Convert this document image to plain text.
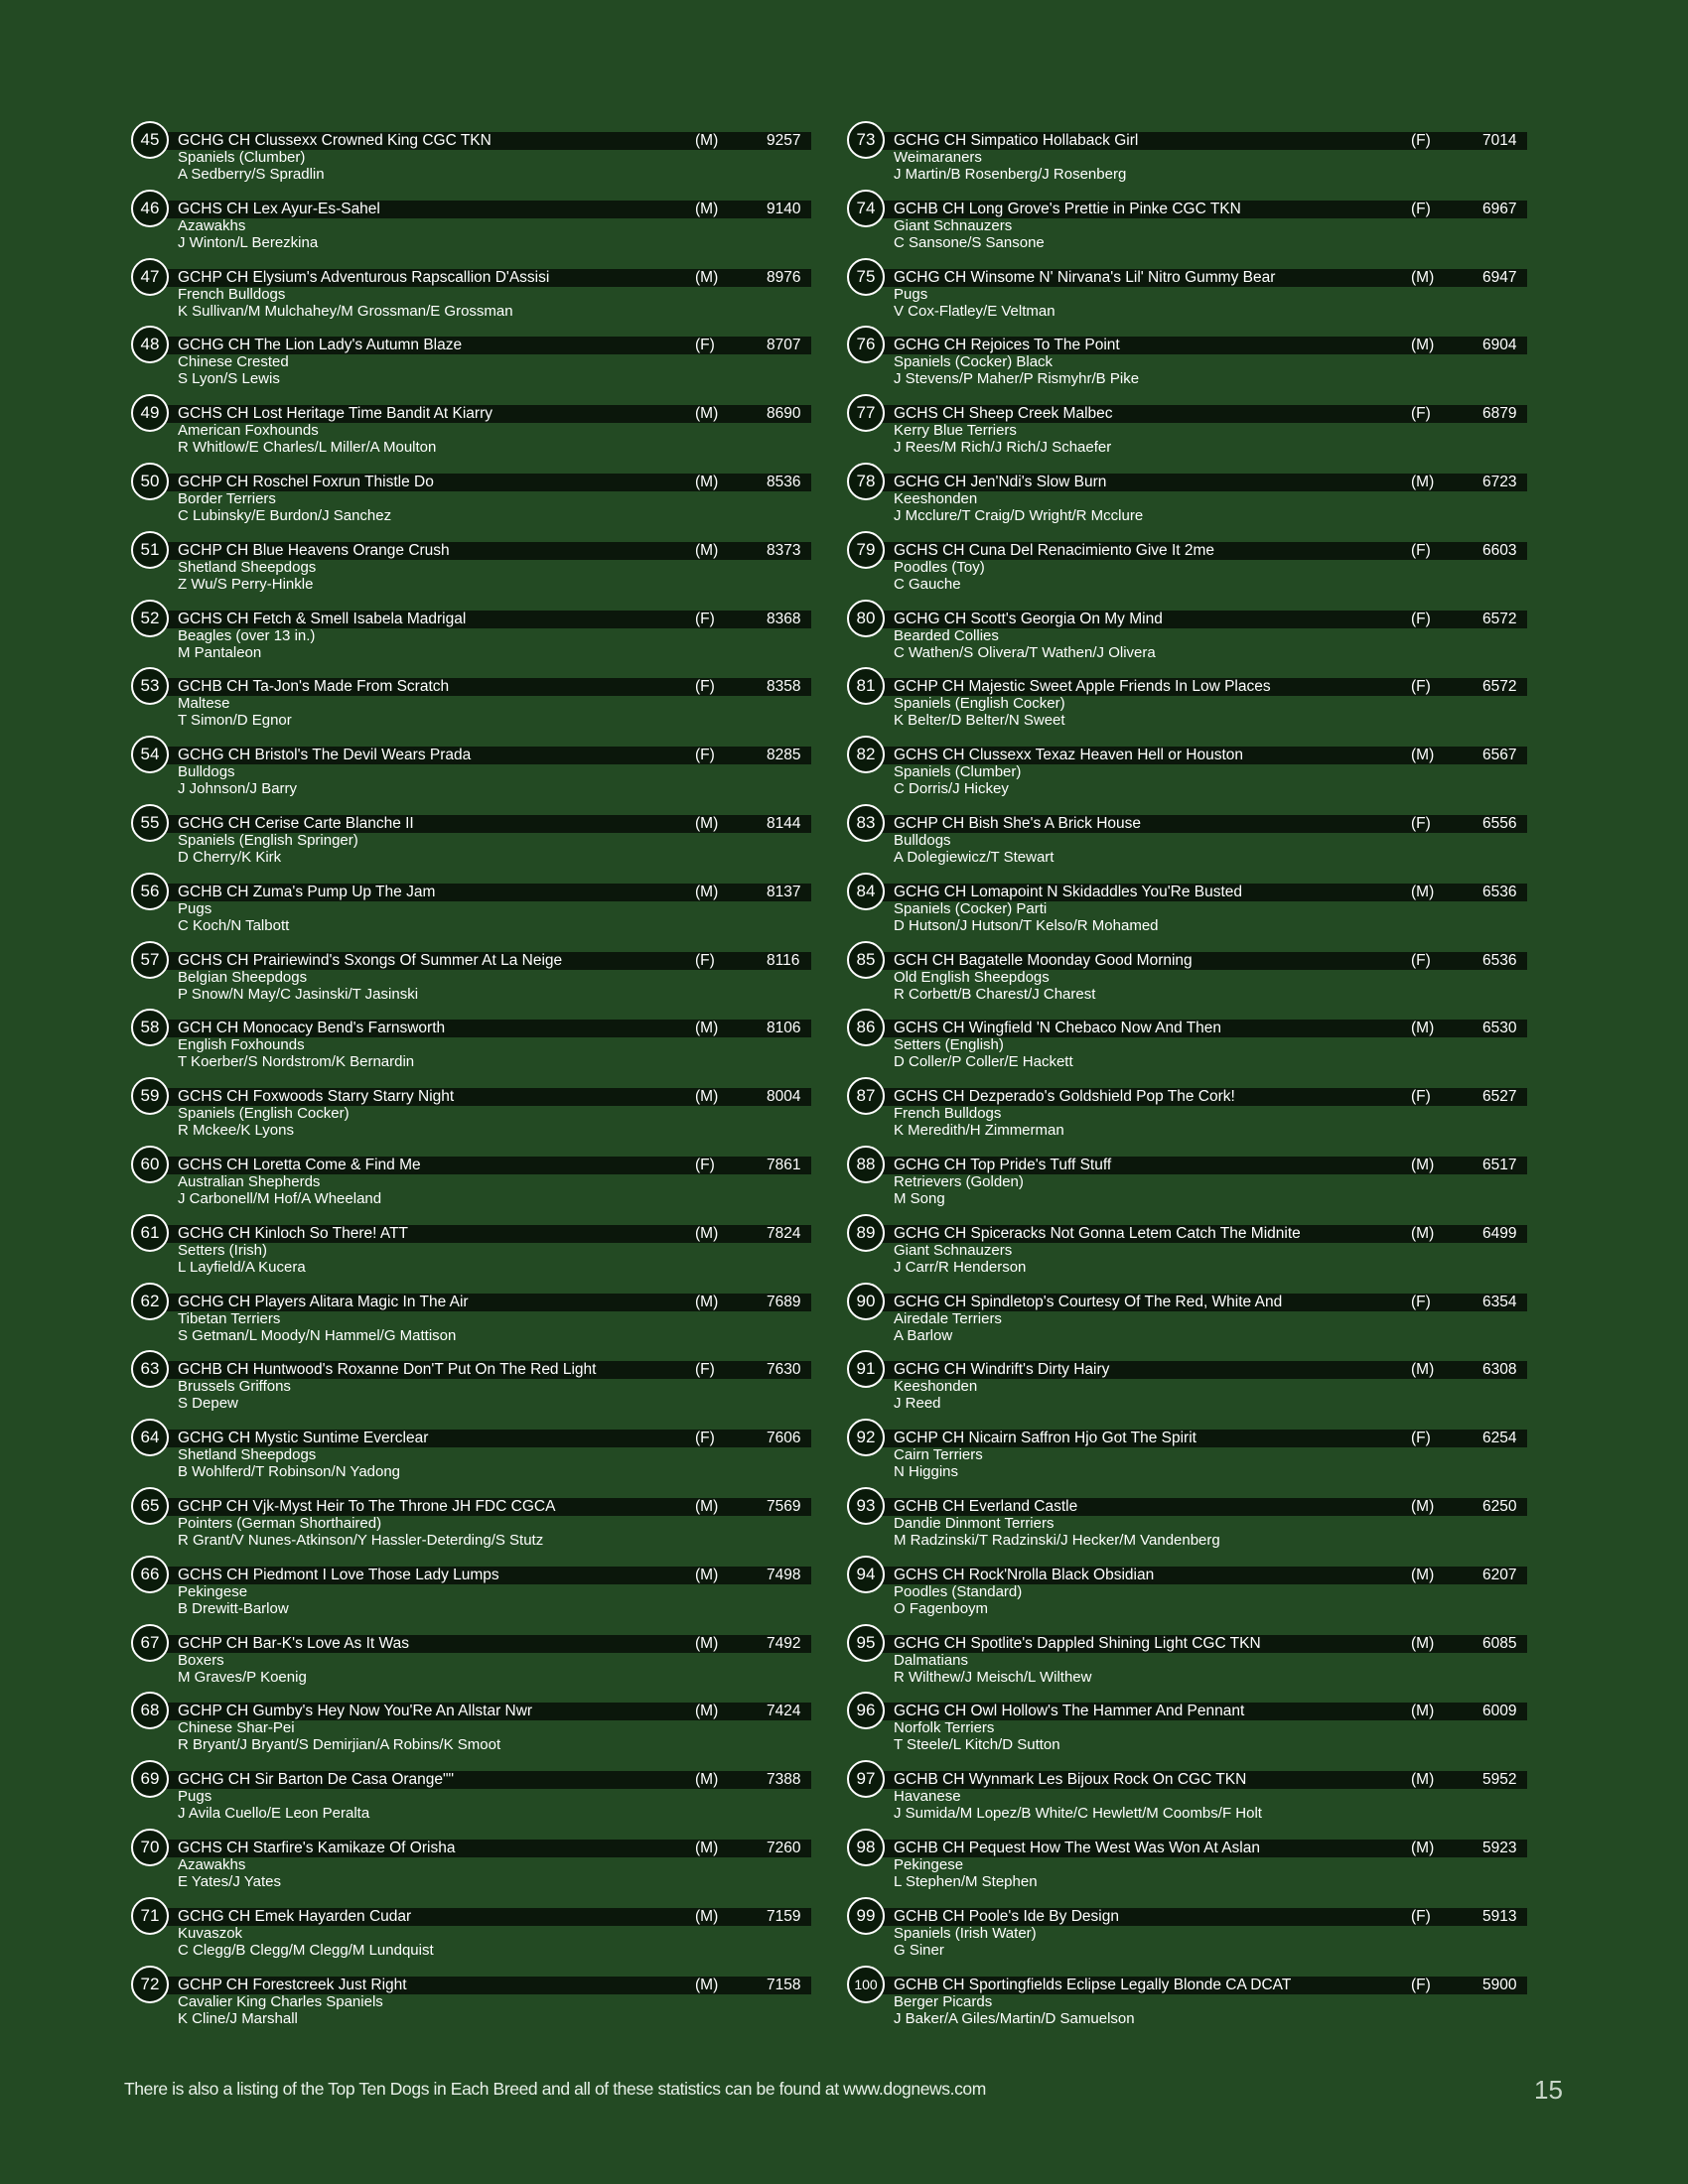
45	GCHG CH Clussexx Crowned King CGC TKN	(M)	9257
Spaniels (Clumber)
A Sedberry/S Spradlin
46	GCHS CH Lex Ayur-Es-Sahel	(M)	9140
Azawakhs
J Winton/L Berezkina
47	GCHP CH Elysium's Adventurous Rapscallion D'Assisi	(M)	8976
French Bulldogs
K Sullivan/M Mulchahey/M Grossman/E Grossman
48	GCHG CH The Lion Lady's Autumn Blaze	(F)	8707
Chinese Crested
S Lyon/S Lewis
49	GCHS CH Lost Heritage Time Bandit At Kiarry	(M)	8690
American Foxhounds
R Whitlow/E Charles/L Miller/A Moulton
50	GCHP CH Roschel Foxrun Thistle Do	(M)	8536
Border Terriers
C Lubinsky/E Burdon/J Sanchez
51	GCHP CH Blue Heavens Orange Crush	(M)	8373
Shetland Sheepdogs
Z Wu/S Perry-Hinkle
52	GCHS CH Fetch & Smell Isabela Madrigal	(F)	8368
Beagles (over 13 in.)
M Pantaleon
53	GCHB CH Ta-Jon's Made From Scratch	(F)	8358
Maltese
T Simon/D Egnor
54	GCHG CH Bristol's The Devil Wears Prada	(F)	8285
Bulldogs
J Johnson/J Barry
55	GCHG CH Cerise Carte Blanche II	(M)	8144
Spaniels (English Springer)
D Cherry/K Kirk
56	GCHB CH Zuma's Pump Up The Jam	(M)	8137
Pugs
C Koch/N Talbott
57	GCHS CH Prairiewind's Sxongs Of Summer At La Neige	(F)	8116
Belgian Sheepdogs
P Snow/N May/C Jasinski/T Jasinski
58	GCH CH Monocacy Bend's Farnsworth	(M)	8106
English Foxhounds
T Koerber/S Nordstrom/K Bernardin
59	GCHS CH Foxwoods Starry Starry Night	(M)	8004
Spaniels (English Cocker)
R Mckee/K Lyons
60	GCHS CH Loretta Come & Find Me	(F)	7861
Australian Shepherds
J Carbonell/M Hof/A Wheeland
61	GCHG CH Kinloch So There! ATT	(M)	7824
Setters (Irish)
L Layfield/A Kucera
62	GCHG CH Players Alitara Magic In The Air	(M)	7689
Tibetan Terriers
S Getman/L Moody/N Hammel/G Mattison
63	GCHB CH Huntwood's Roxanne Don'T Put On The Red Light	(F)	7630
Brussels Griffons
S Depew
64	GCHG CH Mystic Suntime Everclear	(F)	7606
Shetland Sheepdogs
B Wohlferd/T Robinson/N Yadong
65	GCHP CH Vjk-Myst Heir To The Throne JH FDC CGCA	(M)	7569
Pointers (German Shorthaired)
R Grant/V Nunes-Atkinson/Y Hassler-Deterding/S Stutz
66	GCHS CH Piedmont I Love Those Lady Lumps	(M)	7498
Pekingese
B Drewitt-Barlow
67	GCHP CH Bar-K's Love As It Was	(M)	7492
Boxers
M Graves/P Koenig
68	GCHP CH Gumby's Hey Now You'Re An Allstar Nwr	(M)	7424
Chinese Shar-Pei
R Bryant/J Bryant/S Demirjian/A Robins/K Smoot
69	GCHG CH Sir Barton De Casa Orange""	(M)	7388
Pugs
J Avila Cuello/E Leon Peralta
70	GCHS CH Starfire's Kamikaze Of Orisha	(M)	7260
Azawakhs
E Yates/J Yates
71	GCHG CH Emek Hayarden Cudar	(M)	7159
Kuvaszok
C Clegg/B Clegg/M Clegg/M Lundquist
72	GCHP CH Forestcreek Just Right	(M)	7158
Cavalier King Charles Spaniels
K Cline/J Marshall
73	GCHG CH Simpatico Hollaback Girl	(F)	7014
Weimaraners
J Martin/B Rosenberg/J Rosenberg
74	GCHB CH Long Grove's Prettie in Pinke CGC TKN	(F)	6967
Giant Schnauzers
C Sansone/S Sansone
75	GCHG CH Winsome N' Nirvana's Lil' Nitro Gummy Bear	(M)	6947
Pugs
V Cox-Flatley/E Veltman
76	GCHG CH Rejoices To The Point	(M)	6904
Spaniels (Cocker) Black
J Stevens/P Maher/P Rismyhr/B Pike
77	GCHS CH Sheep Creek Malbec	(F)	6879
Kerry Blue Terriers
J Rees/M Rich/J Rich/J Schaefer
78	GCHG CH Jen'Ndi's Slow Burn	(M)	6723
Keeshonden
J Mcclure/T Craig/D Wright/R Mcclure
79	GCHS CH Cuna Del Renacimiento Give It 2me	(F)	6603
Poodles (Toy)
C Gauche
80	GCHG CH Scott's Georgia On My Mind	(F)	6572
Bearded Collies
C Wathen/S Olivera/T Wathen/J Olivera
81	GCHP CH Majestic Sweet Apple Friends In Low Places	(F)	6572
Spaniels (English Cocker)
K Belter/D Belter/N Sweet
82	GCHS CH Clussexx Texaz Heaven Hell or Houston	(M)	6567
Spaniels (Clumber)
C Dorris/J Hickey
83	GCHP CH Bish She's A Brick House	(F)	6556
Bulldogs
A Dolegiewicz/T Stewart
84	GCHG CH Lomapoint N Skidaddles You'Re Busted	(M)	6536
Spaniels (Cocker) Parti
D Hutson/J Hutson/T Kelso/R Mohamed
85	GCH CH Bagatelle Moonday Good Morning	(F)	6536
Old English Sheepdogs
R Corbett/B Charest/J Charest
86	GCHS CH Wingfield 'N Chebaco Now And Then	(M)	6530
Setters (English)
D Coller/P Coller/E Hackett
87	GCHS CH Dezperado's Goldshield Pop The Cork!	(F)	6527
French Bulldogs
K Meredith/H Zimmerman
88	GCHG CH Top Pride's Tuff Stuff	(M)	6517
Retrievers (Golden)
M Song
89	GCHG CH Spiceracks Not Gonna Letem Catch The Midnite	(M)	6499
Giant Schnauzers
J Carr/R Henderson
90	GCHG CH Spindletop's Courtesy Of The Red, White And	(F)	6354
Airedale Terriers
A Barlow
91	GCHG CH Windrift's Dirty Hairy	(M)	6308
Keeshonden
J Reed
92	GCHP CH Nicairn Saffron Hjo Got The Spirit	(F)	6254
Cairn Terriers
N Higgins
93	GCHB CH Everland Castle	(M)	6250
Dandie Dinmont Terriers
M Radzinski/T Radzinski/J Hecker/M Vandenberg
94	GCHS CH Rock'Nrolla Black Obsidian	(M)	6207
Poodles (Standard)
O Fagenboym
95	GCHG CH Spotlite's Dappled Shining Light CGC TKN	(M)	6085
Dalmatians
R Wilthew/J Meisch/L Wilthew
96	GCHG CH Owl Hollow's The Hammer And Pennant	(M)	6009
Norfolk Terriers
T Steele/L Kitch/D Sutton
97	GCHB CH Wynmark Les Bijoux Rock On CGC TKN	(M)	5952
Havanese
J Sumida/M Lopez/B White/C Hewlett/M Coombs/F Holt
98	GCHB CH Pequest How The West Was Won At Aslan	(M)	5923
Pekingese
L Stephen/M Stephen
99	GCHB CH Poole's Ide By Design	(F)	5913
Spaniels (Irish Water)
G Siner
100	GCHB CH Sportingfields Eclipse Legally Blonde CA DCAT	(F)	5900
Berger Picards
J Baker/A Giles/Martin/D Samuelson
There is also a listing of the Top Ten Dogs in Each Breed and all of these statistics can be found at www.dognews.com	15
